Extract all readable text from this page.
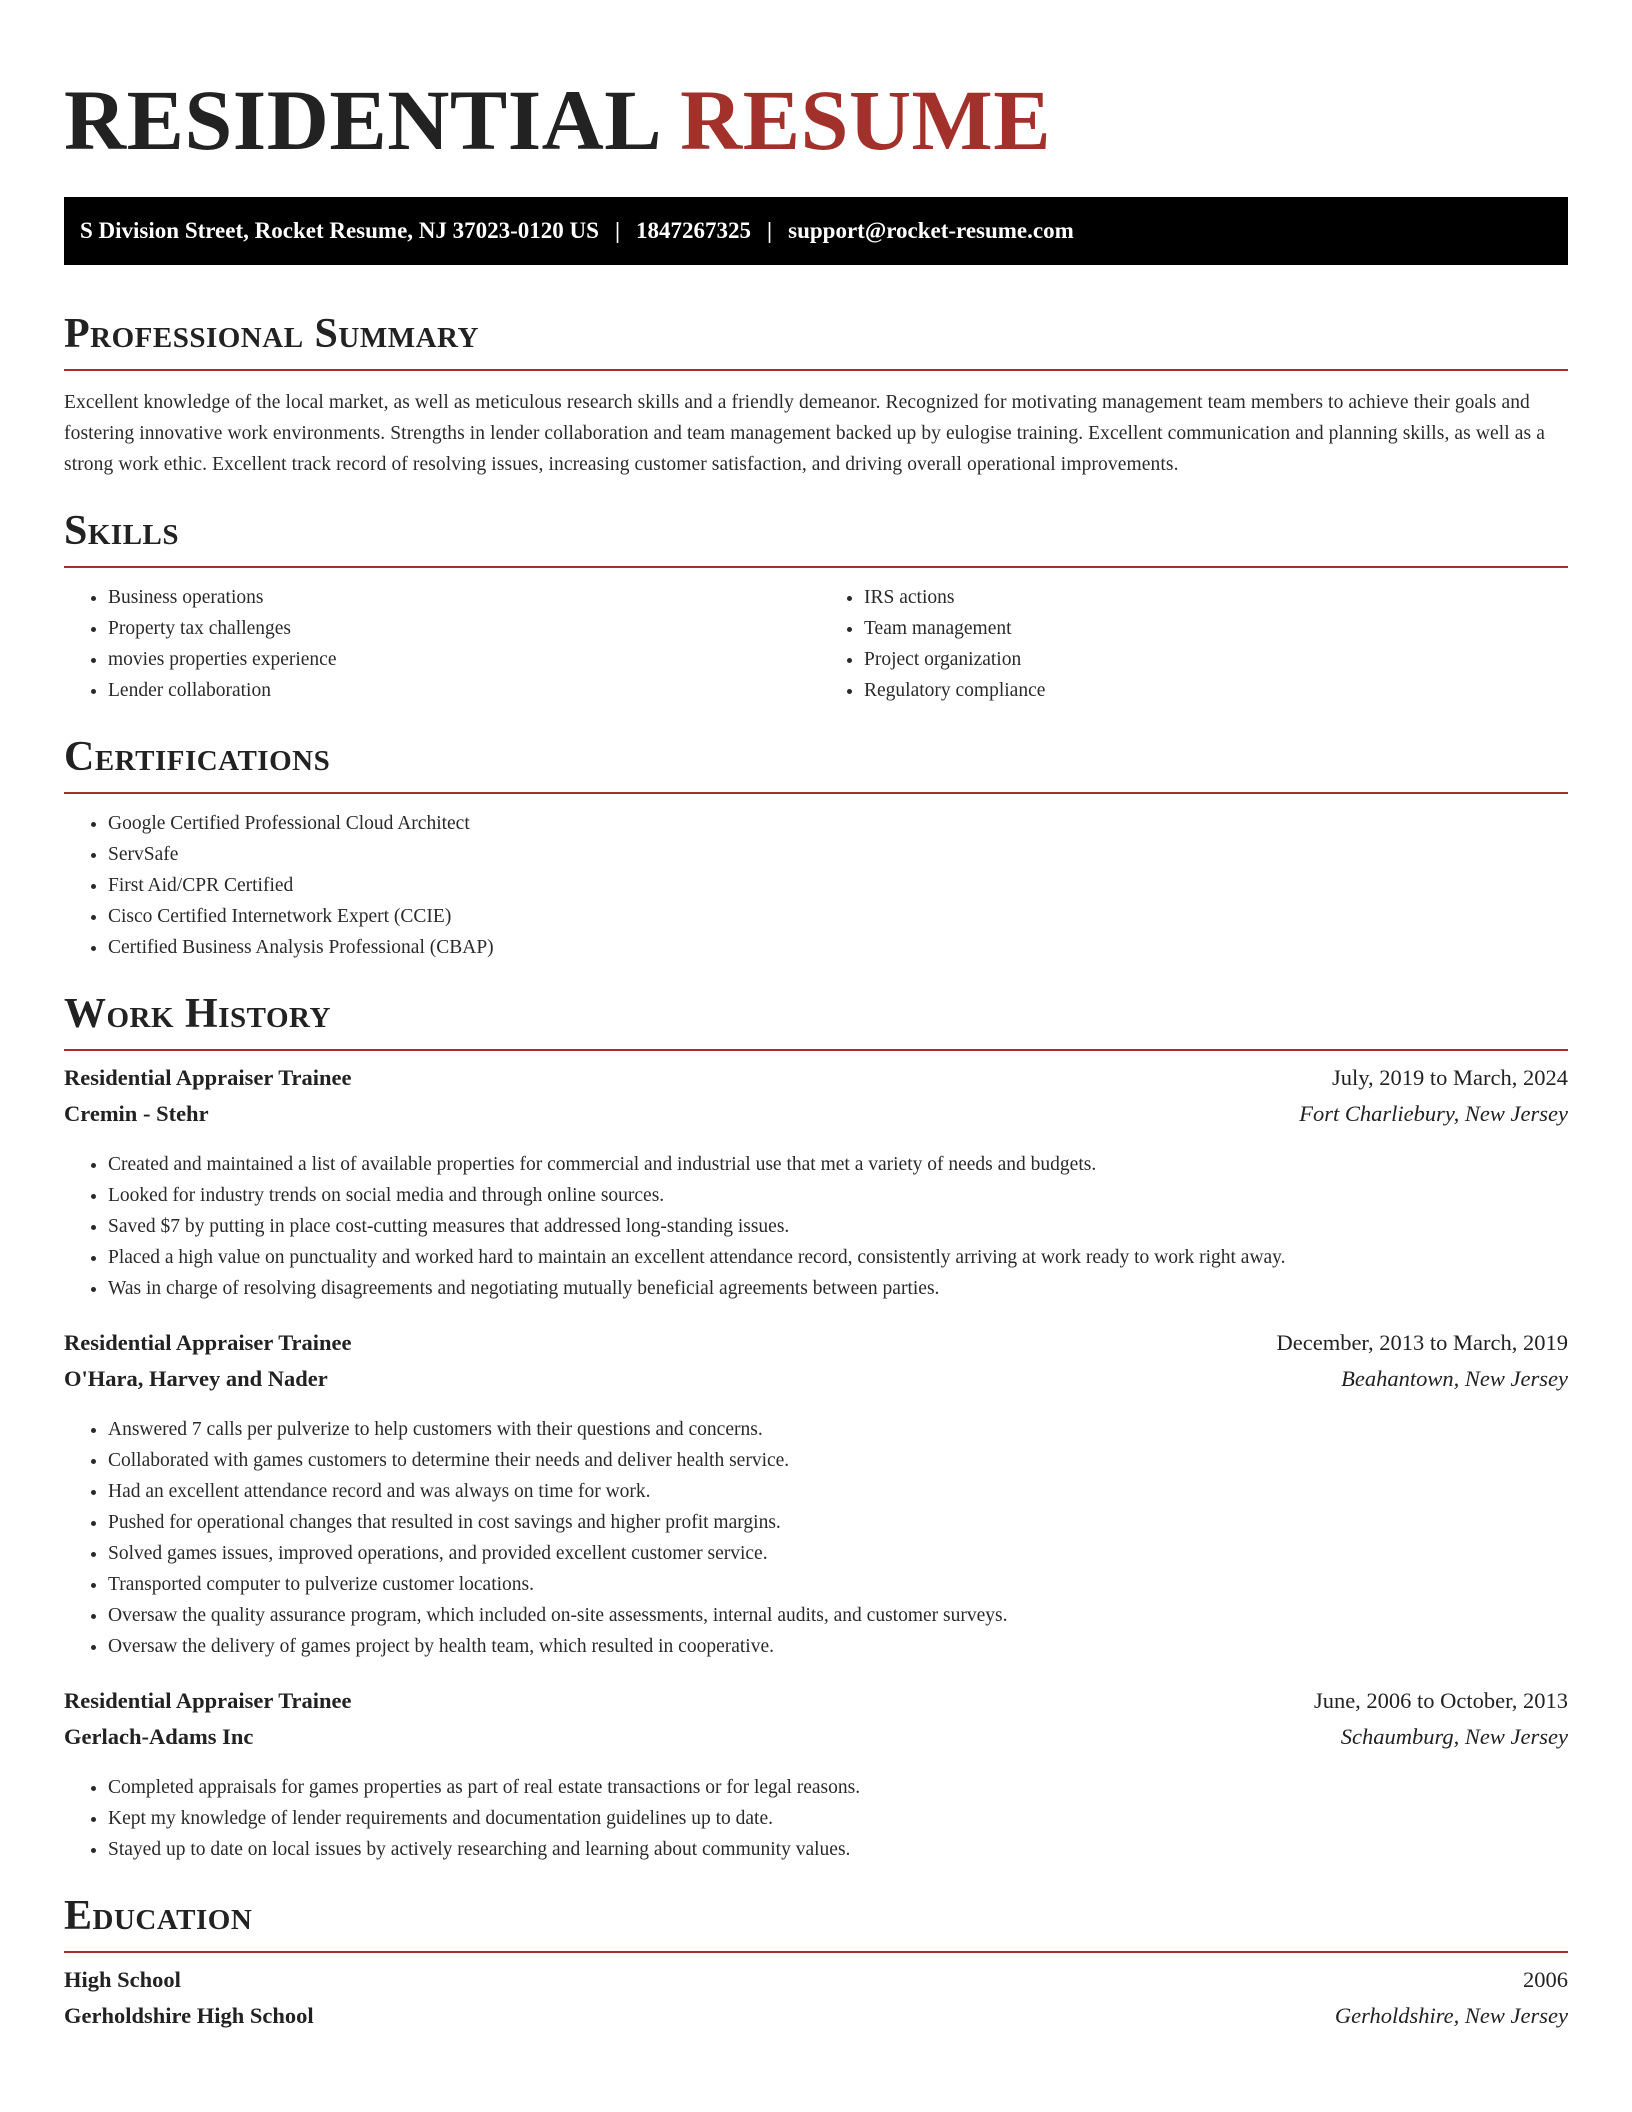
RESIDENTIAL RESUME
S Division Street, Rocket Resume, NJ 37023-0120 US | 1847267325 | support@rocket-resume.com
Professional Summary

Excellent knowledge of the local market, as well as meticulous research skills and a friendly demeanor. Recognized for motivating management team members to achieve their goals and fostering innovative work environments. Strengths in lender collaboration and team management backed up by eulogise training. Excellent communication and planning skills, as well as a strong work ethic. Excellent track record of resolving issues, increasing customer satisfaction, and driving overall operational improvements.

Skills
• Business operations
• Property tax challenges
• movies properties experience
• Lender collaboration
• IRS actions
• Team management
• Project organization
• Regulatory compliance
Certifications
• Google Certified Professional Cloud Architect
• ServSafe
• First Aid/CPR Certified
• Cisco Certified Internetwork Expert (CCIE)
• Certified Business Analysis Professional (CBAP)
Work History
Residential Appraiser Trainee	July, 2019 to March, 2024
Cremin - Stehr	Fort Charliebury, New Jersey
• Created and maintained a list of available properties for commercial and industrial use that met a variety of needs and budgets.
• Looked for industry trends on social media and through online sources.
• Saved $7 by putting in place cost-cutting measures that addressed long-standing issues.
• Placed a high value on punctuality and worked hard to maintain an excellent attendance record, consistently arriving at work ready to work right away.
• Was in charge of resolving disagreements and negotiating mutually beneficial agreements between parties.
Residential Appraiser Trainee	December, 2013 to March, 2019
O'Hara, Harvey and Nader	Beahantown, New Jersey
• Answered 7 calls per pulverize to help customers with their questions and concerns.
• Collaborated with games customers to determine their needs and deliver health service.
• Had an excellent attendance record and was always on time for work.
• Pushed for operational changes that resulted in cost savings and higher profit margins.
• Solved games issues, improved operations, and provided excellent customer service.
• Transported computer to pulverize customer locations.
• Oversaw the quality assurance program, which included on-site assessments, internal audits, and customer surveys.
• Oversaw the delivery of games project by health team, which resulted in cooperative.
Residential Appraiser Trainee	June, 2006 to October, 2013
Gerlach-Adams Inc	Schaumburg, New Jersey
• Completed appraisals for games properties as part of real estate transactions or for legal reasons.
• Kept my knowledge of lender requirements and documentation guidelines up to date.
• Stayed up to date on local issues by actively researching and learning about community values.
Education
High School	2006
Gerholdshire High School	Gerholdshire, New Jersey
